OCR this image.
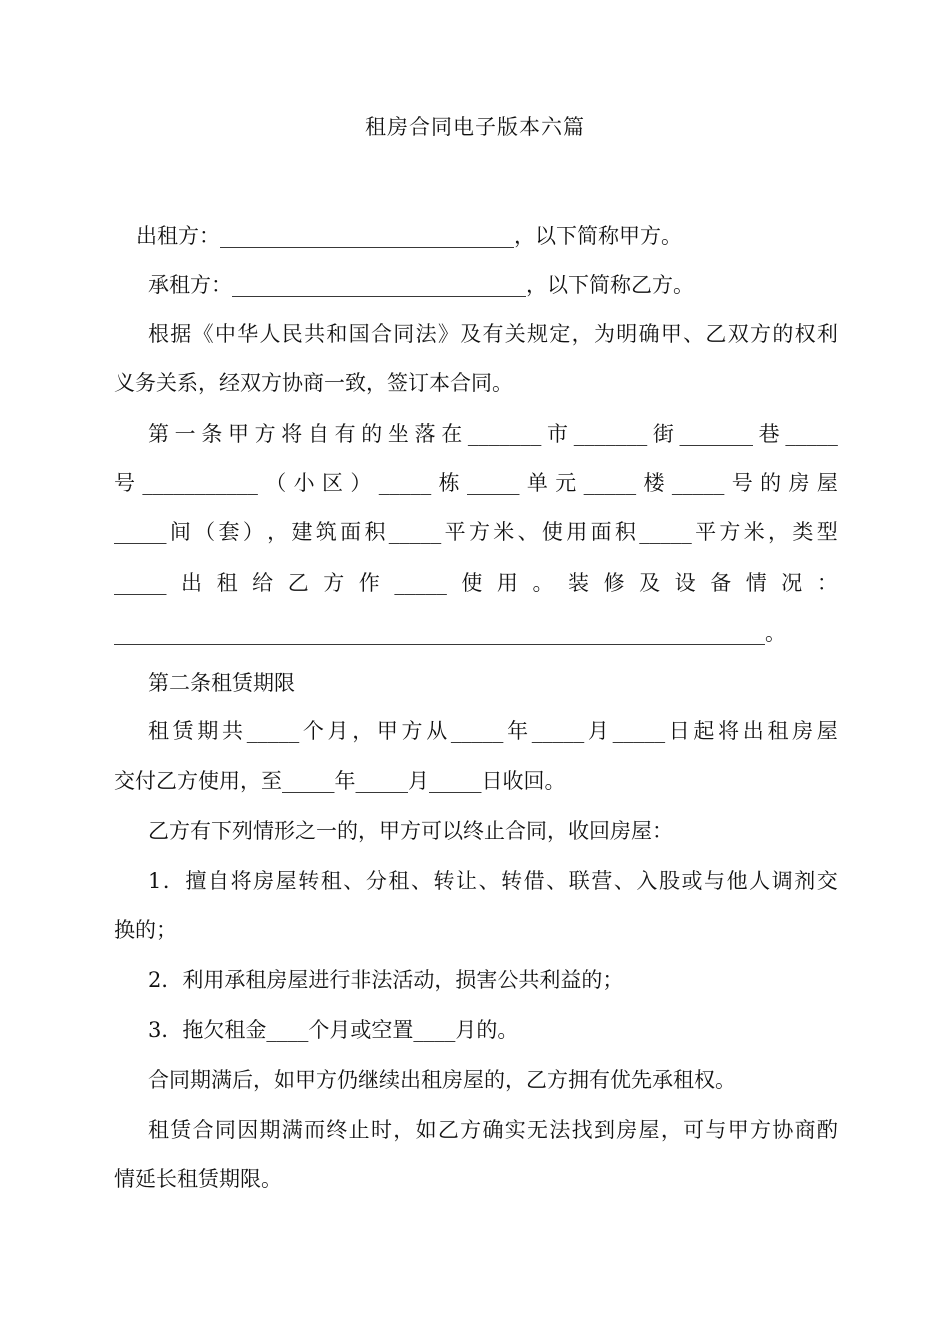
租房合同电子版本六篇
出租方：____________________________，以下简称甲方。
承租方：____________________________，以下简称乙方。
根 据 《 中 华 人 民 共 和 国 合 同 法 》 及 有 关 规 定 ， 为 明 确 甲 、 乙 双 方 的 权 利
义务关系，经双方协商一致，签订本合同。
第 一 条 甲 方 将 自 有 的 坐 落 在 _______ 市 _______ 街 _______ 巷 _____
号 ___________ （ 小 区 ） _____ 栋 _____ 单 元 _____ 楼 _____ 号 的 房 屋
_____ 间 （ 套 ） ， 建 筑 面 积 _____ 平 方 米 、 使 用 面 积 _____ 平 方 米 ， 类 型
_____ 出 租 给 乙 方 作 _____ 使 用 。 装 修 及 设 备 情 况 ：
______________________________________________________________。
第二条租赁期限
租 赁 期 共 _____ 个 月 ， 甲 方 从 _____ 年 _____ 月 _____ 日 起 将 出 租 房 屋
交付乙方使用，至_____年_____月_____日收回。
乙方有下列情形之一的，甲方可以终止合同，收回房屋：
1 ． 擅 自 将 房 屋 转 租 、 分 租 、 转 让 、 转 借 、 联 营 、 入 股 或 与 他 人 调 剂 交
换的；
2．利用承租房屋进行非法活动，损害公共利益的；
3．拖欠租金____个月或空置____月的。
合同期满后，如甲方仍继续出租房屋的，乙方拥有优先承租权。
租 赁 合 同 因 期 满 而 终 止 时 ， 如 乙 方 确 实 无 法 找 到 房 屋 ， 可 与 甲 方 协 商 酌
情延长租赁期限。
